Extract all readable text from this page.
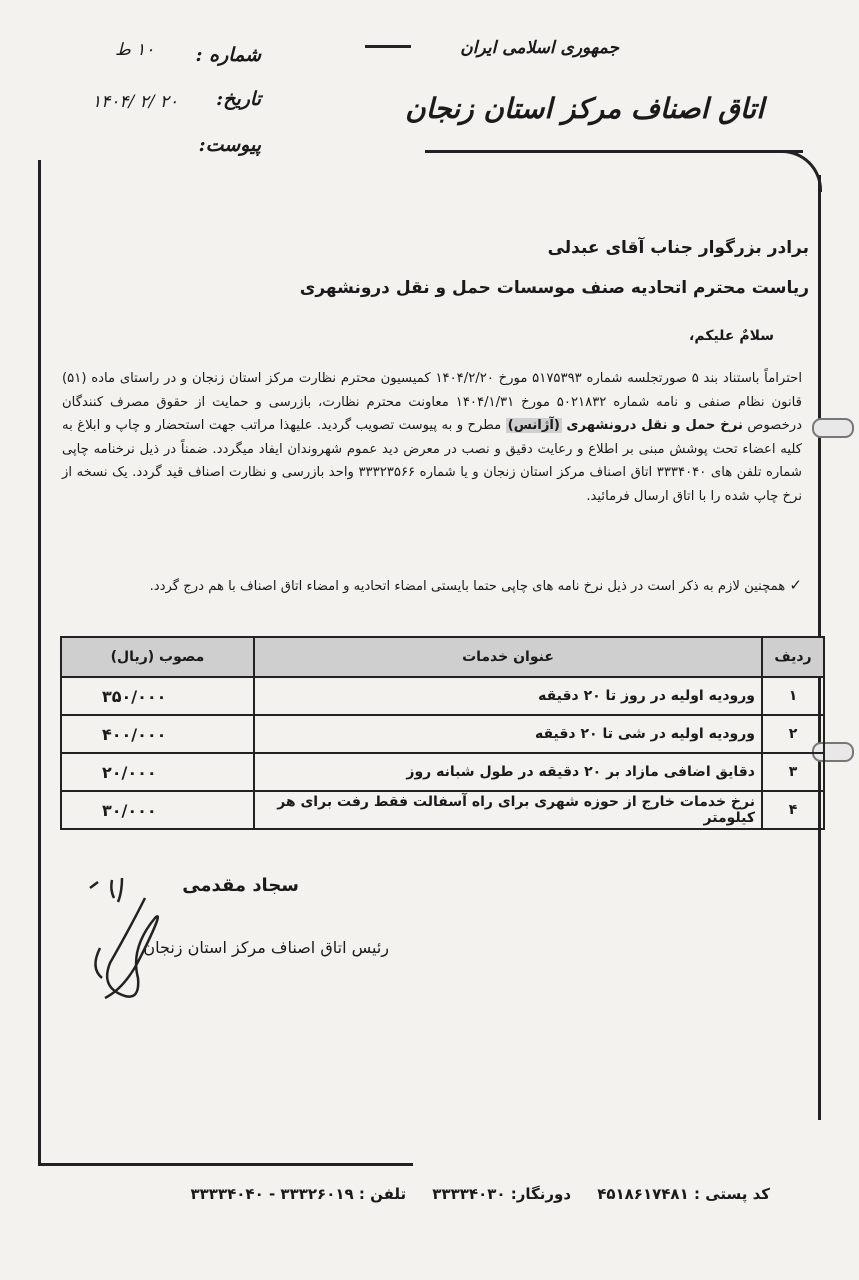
جمهوری اسلامی ایران
اتاق اصناف مرکز استان زنجان
شماره :
۱۰ ط
تاریخ:
۱۴۰۴/ ۲/ ۲۰
پیوست:
برادر بزرگوار جناب آقای عبدلی
ریاست محترم اتحادیه صنف موسسات حمل و نقل درونشهری
سلامٌ علیکم،
احتراماً باستناد بند ۵ صورتجلسه شماره ۵۱۷۵۳۹۳ مورخ ۱۴۰۴/۲/۲۰ کمیسیون محترم نظارت مرکز استان زنجان و در راستای ماده (۵۱) قانون نظام صنفی و نامه شماره ۵۰۲۱۸۳۲ مورخ ۱۴۰۴/۱/۳۱ معاونت محترم نظارت، بازرسی و حمایت از حقوق مصرف کنندگان درخصوص نرخ حمل و نقل درونشهری (آژانس) مطرح و به پیوست تصویب گردید. علیهذا مراتب جهت استحضار و چاپ و ابلاغ به کلیه اعضاء تحت پوشش مبنی بر اطلاع و رعایت دقیق و نصب در معرض دید عموم شهروندان ایفاد میگردد. ضمناً در ذیل نرخنامه چاپی شماره تلفن های ۳۳۳۴۰۴۰ اتاق اصناف مرکز استان زنجان و یا شماره ۳۳۳۲۳۵۶۶ واحد بازرسی و نظارت اصناف قید گردد. یک نسخه از نرخ چاپ شده را با اتاق ارسال فرمائید.
✓ همچنین لازم به ذکر است در ذیل نرخ نامه های چاپی حتما بایستی امضاء اتحادیه و امضاء اتاق اصناف با هم درج گردد.
ردیف	عنوان خدمات	مصوب (ریال)
۱	ورودیه اولیه در روز تا ۲۰ دقیقه	۳۵۰/۰۰۰
۲	ورودیه اولیه در شی تا ۲۰ دقیقه	۴۰۰/۰۰۰
۳	دقایق اضافی مازاد بر ۲۰ دقیقه در طول شبانه روز	۲۰/۰۰۰
۴	نرخ خدمات خارج از حوزه شهری برای راه آسفالت فقط رفت برای هر کیلومتر	۳۰/۰۰۰
سجاد مقدمی
رئیس اتاق اصناف مرکز استان زنجان
کد پستی : ۴۵۱۸۶۱۷۴۸۱     دورنگار: ۳۳۳۳۴۰۳۰     تلفن : ۳۳۳۲۶۰۱۹ - ۳۳۳۳۴۰۴۰
